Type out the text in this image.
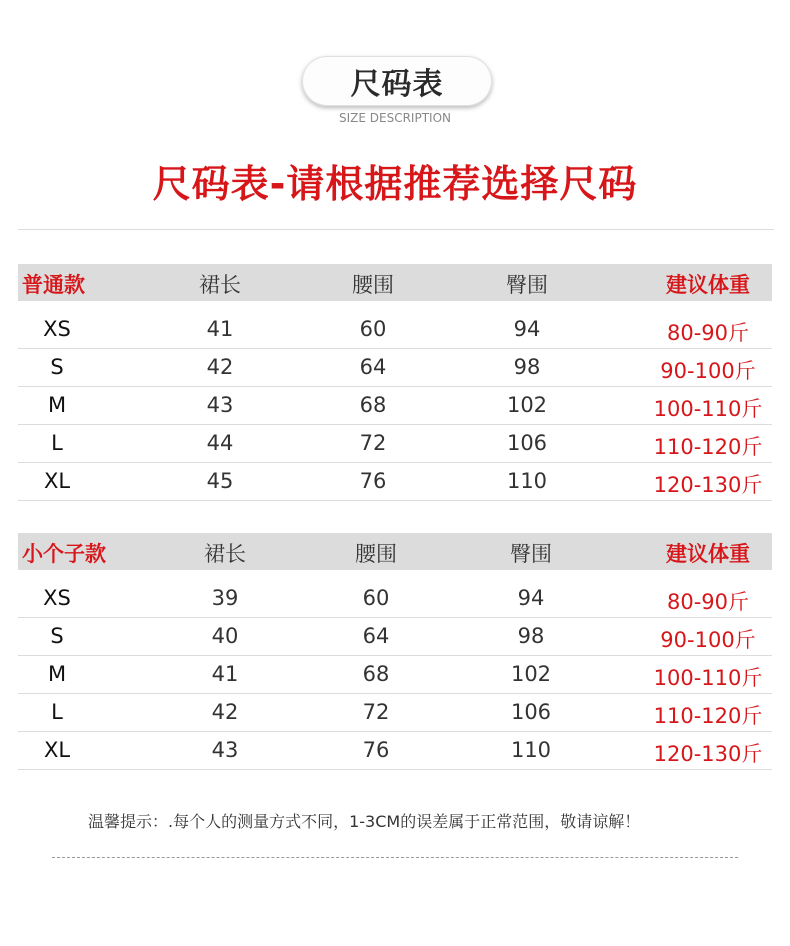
尺码表
SIZE DESCRIPTION
尺码表-请根据推荐选择尺码
普通款	裙长	腰围	臀围	建议体重
XS	41	60	94	80-90斤
S	42	64	98	90-100斤
M	43	68	102	100-110斤
L	44	72	106	110-120斤
XL	45	76	110	120-130斤
小个子款	裙长	腰围	臀围	建议体重
XS	39	60	94	80-90斤
S	40	64	98	90-100斤
M	41	68	102	100-110斤
L	42	72	106	110-120斤
XL	43	76	110	120-130斤
温馨提示：.每个人的测量方式不同，1-3CM的误差属于正常范围，敬请谅解！
